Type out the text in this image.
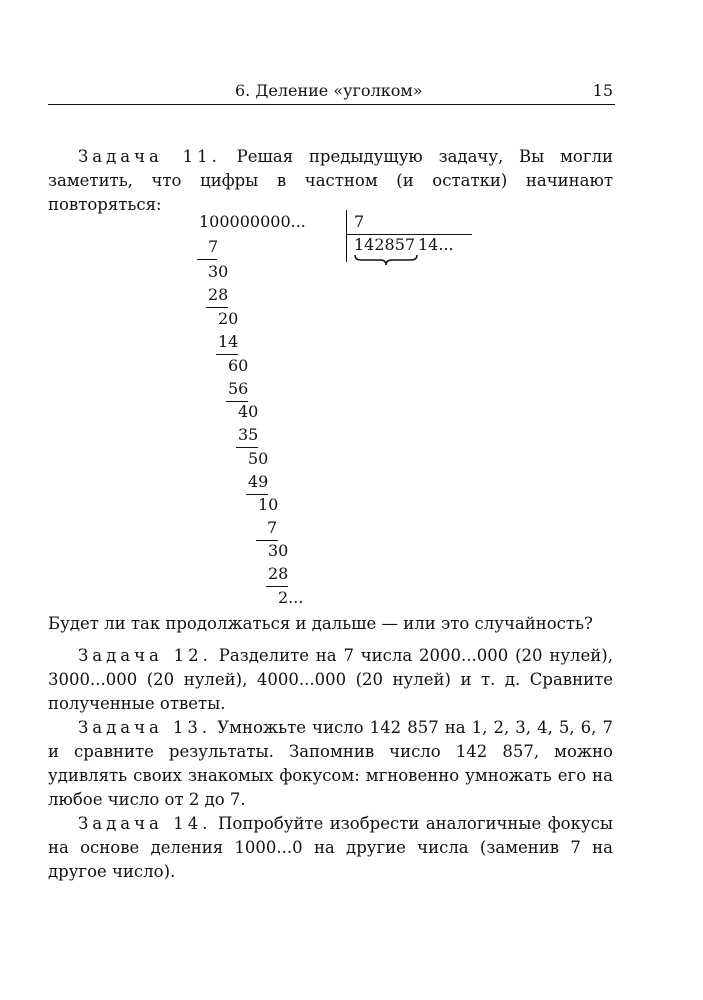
6. Деление «уголком»	15

Задача 11. Решая предыдущую задачу, Вы могли заметить, что цифры в частном (и остатки) начинают повторяться:

100000000...	7
142857 14...
7
30
28
20
14
60
56
40
35
50
49
10
7
30
28
2...

Будет ли так продолжаться и дальше — или это случайность?

Задача 12. Разделите на 7 числа 2000...000 (20 нулей), 3000...000 (20 нулей), 4000...000 (20 нулей) и т. д. Сравните полученные ответы.

Задача 13. Умножьте число 142 857 на 1, 2, 3, 4, 5, 6, 7 и сравните результаты. Запомнив число 142 857, можно удивлять своих знакомых фокусом: мгновенно умножать его на любое число от 2 до 7.

Задача 14. Попробуйте изобрести аналогичные фокусы на основе деления 1000...0 на другие числа (заменив 7 на другое число).
